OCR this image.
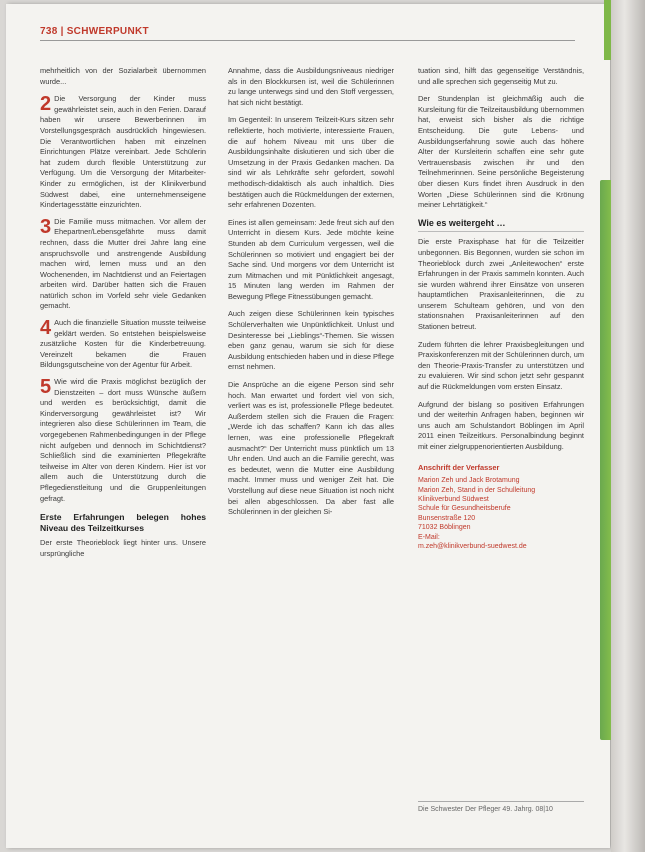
738 | SCHWERPUNKT

mehrheitlich von der Sozialarbeit übernommen wurde...

2 Die Versorgung der Kinder muss gewährleistet sein, auch in den Ferien. Darauf haben wir unsere Bewerberinnen im Vorstellungsgespräch ausdrücklich hingewiesen. Die Verantwortlichen haben mit einzelnen Einrichtungen Plätze vereinbart. Jede Schülerin hat zudem durch flexible Unterstützung zur Verfügung. Um die Versorgung der Mitarbeiter-Kinder zu ermöglichen, ist der Klinikverbund Südwest dabei, eine unternehmenseigene Kindertagesstätte einzurichten.
3 Die Familie muss mitmachen. Vor allem der Ehepartner/Lebensgefährte muss damit rechnen, dass die Mutter drei Jahre lang eine anspruchsvolle und anstrengende Ausbildung machen wird, lernen muss und an den Wochenenden, im Nachtdienst und an Feiertagen arbeiten wird. Darüber hatten sich die Frauen natürlich schon im Vorfeld sehr viele Gedanken gemacht.
4 Auch die finanzielle Situation musste teilweise geklärt werden. So entstehen beispielsweise zusätzliche Kosten für die Kinderbetreuung. Vereinzelt bekamen die Frauen Bildungsgutscheine von der Agentur für Arbeit.
5 Wie wird die Praxis möglichst bezüglich der Dienstzeiten – dort muss Wünsche äußern und werden es berücksichtigt, damit die Kinderversorgung gewährleistet ist? Wir integrieren also diese Schülerinnen im Team, die vorgegebenen Rahmenbedingungen in der Pflege nicht aufgeben und dennoch im Schichtdienst? Schließlich sind die examinierten Pflegekräfte teilweise im Alter von deren Kindern. Hier ist vor allem auch die Unterstützung durch die Pflegedienstleitung und die Gruppenleitungen gefragt.
Erste Erfahrungen belegen hohes Niveau des Teilzeitkurses

Der erste Theorieblock liegt hinter uns. Unsere ursprüngliche

Annahme, dass die Ausbildungsniveaus niedriger als in den Blockkursen ist, weil die Schülerinnen zu lange unterwegs sind und den Stoff vergessen, hat sich nicht bestätigt.

Im Gegenteil: In unserem Teilzeit-Kurs sitzen sehr reflektierte, hoch motivierte, interessierte Frauen, die auf hohem Niveau mit uns über die Ausbildungsinhalte diskutieren und sich über die Umsetzung in der Praxis Gedanken machen. Da sind wir als Lehrkräfte sehr gefordert, sowohl methodisch-didaktisch als auch inhaltlich. Dies bestätigen auch die Rückmeldungen der externen, sehr erfahrenen Dozenten.

Eines ist allen gemeinsam: Jede freut sich auf den Unterricht in diesem Kurs. Jede möchte keine Stunden ab dem Curriculum vergessen, weil die Schülerinnen so motiviert und engagiert bei der Sache sind. Und morgens vor dem Unterricht ist zum Mitmachen und mit Pünktlichkeit angesagt, 15 Minuten lang werden im Rahmen der Bewegung Pflege Fitnessübungen gemacht.

Auch zeigen diese Schülerinnen kein typisches Schülerverhalten wie Unpünktlichkeit. Unlust und Desinteresse bei „Lieblings“-Themen. Sie wissen eben ganz genau, warum sie sich für diese Ausbildung entschieden haben und in diese Pflege ernst nehmen.

Die Ansprüche an die eigene Person sind sehr hoch. Man erwartet und fordert viel von sich, verliert was es ist, professionelle Pflege bedeutet. Außerdem stellen sich die Frauen die Fragen: „Werde ich das schaffen? Kann ich das alles lernen, was eine professionelle Pflegekraft ausmacht?“ Der Unterricht muss pünktlich um 13 Uhr enden. Und auch an die Familie gerecht, was es bedeutet, wenn die Mutter eine Ausbildung macht. Immer muss und weniger Zeit hat. Die Vorstellung auf diese neue Situation ist noch nicht bei allen abgeschlossen. Da aber fast alle Schülerinnen in der gleichen Si-

tuation sind, hilft das gegenseitige Verständnis, und alle sprechen sich gegenseitig Mut zu.

Der Stundenplan ist gleichmäßig auch die Kursleitung für die Teilzeitausbildung übernommen hat, erweist sich bisher als die richtige Entscheidung. Die gute Lebens- und Ausbildungserfahrung sowie auch das höhere Alter der Kursleiterin schaffen eine sehr gute Vertrauensbasis zwischen ihr und den Teilnehmerinnen. Seine persönliche Begeisterung über diesen Kurs findet ihren Ausdruck in den Worten „Diese Schülerinnen sind die Krönung meiner Lehrtätigkeit.“

Wie es weitergeht …

Die erste Praxisphase hat für die Teilzeitler unbegonnen. Bis Begonnen, wurden sie schon im Theorieblock durch zwei „Anleitewochen“ erste Erfahrungen in der Praxis sammeln konnten. Auch sie wurden während ihrer Einsätze von unseren hauptamtlichen Praxisanleiterinnen, die zu unserem Schulteam gehören, und von den stationsnahen Praxisanleiterinnen auf den Stationen betreut.

Zudem führten die lehrer Praxisbegleitungen und Praxiskonferenzen mit der Schülerinnen durch, um den Theorie-Praxis-Transfer zu unterstützen und zu evaluieren. Wir sind schon jetzt sehr gespannt auf die Rückmeldungen vom ersten Einsatz.

Aufgrund der bislang so positiven Erfahrungen und der weiterhin Anfragen haben, beginnen wir uns auch am Schulstandort Böblingen im April 2011 einen Teilzeitkurs. Personalbindung beginnt mit einer zielgruppenorientierten Ausbildung.

Anschrift der Verfasser
Marion Zeh und Jack Brotamung
Marion Zeh, Stand in der Schulleitung
Klinikverbund Südwest
Schule für Gesundheitsberufe
Bunsenstraße 120
71032 Böblingen
E-Mail:
m.zeh@klinikverbund-suedwest.de
Die Schwester Der Pfleger 49. Jahrg. 08|10
